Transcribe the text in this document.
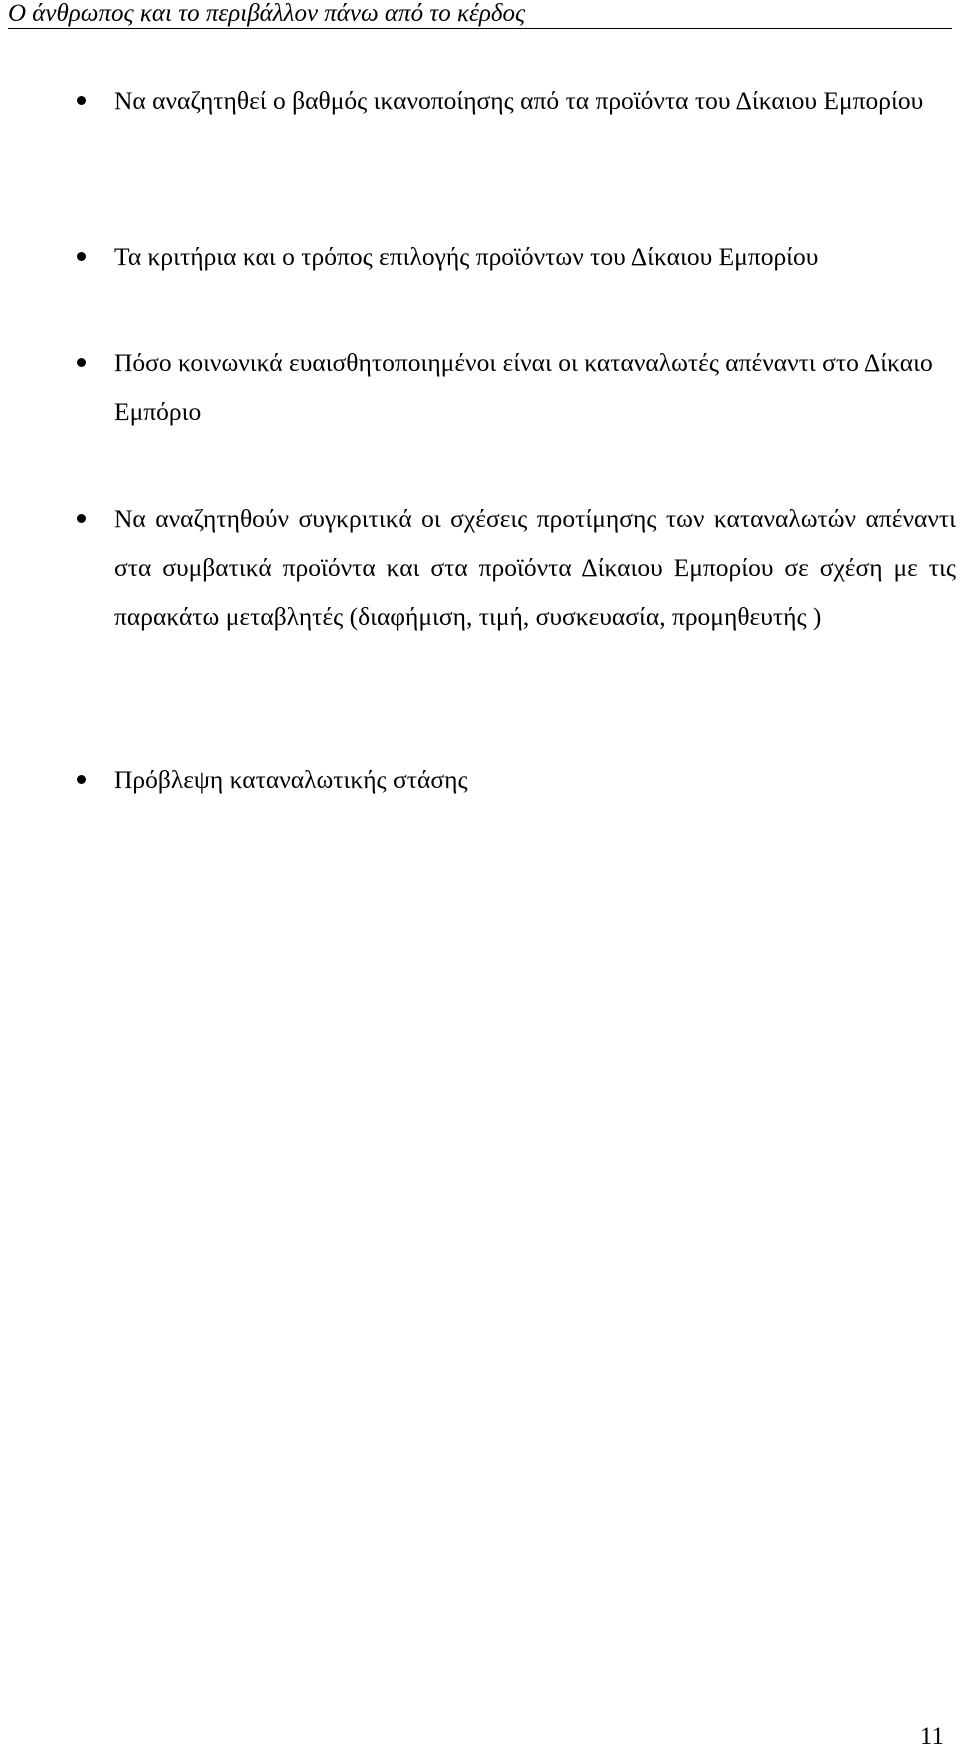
Ο άνθρωπος και το περιβάλλον πάνω από το κέρδος
Να αναζητηθεί ο βαθμός ικανοποίησης από τα προϊόντα του Δίκαιου Εμπορίου
Τα κριτήρια και ο τρόπος επιλογής προϊόντων του Δίκαιου Εμπορίου
Πόσο κοινωνικά ευαισθητοποιημένοι είναι οι καταναλωτές απέναντι στο Δίκαιο Εμπόριο
Να αναζητηθούν συγκριτικά οι σχέσεις προτίμησης των καταναλωτών απέναντι στα συμβατικά προϊόντα και στα προϊόντα Δίκαιου Εμπορίου σε σχέση με τις παρακάτω μεταβλητές (διαφήμιση, τιμή, συσκευασία, προμηθευτής )
Πρόβλεψη καταναλωτικής στάσης
11
